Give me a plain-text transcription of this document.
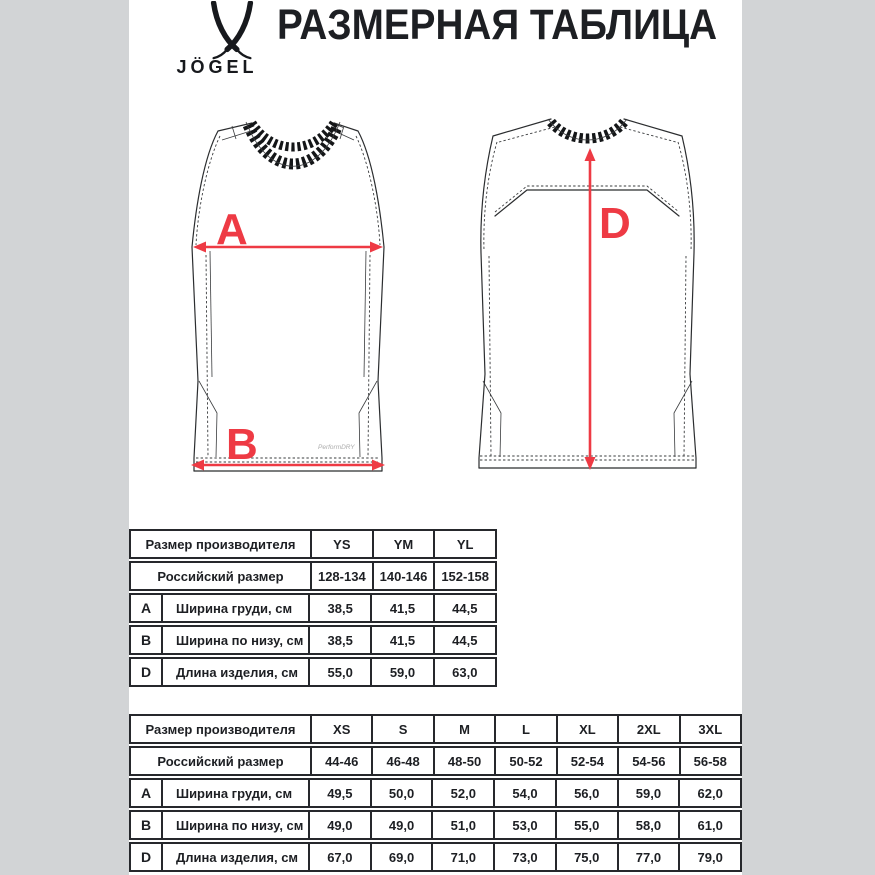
JÖGEL
РАЗМЕРНАЯ ТАБЛИЦА
A
B	PerformDRY
D
Размер производителя	YS	YM	YL
Российский размер	128-134	140-146	152-158
A	Ширина груди, см	38,5	41,5	44,5
B	Ширина по низу, см	38,5	41,5	44,5
D	Длина изделия, см	55,0	59,0	63,0
Размер производителя	XS	S	M	L	XL	2XL	3XL
Российский размер	44-46	46-48	48-50	50-52	52-54	54-56	56-58
A	Ширина груди, см	49,5	50,0	52,0	54,0	56,0	59,0	62,0
B	Ширина по низу, см	49,0	49,0	51,0	53,0	55,0	58,0	61,0
D	Длина изделия, см	67,0	69,0	71,0	73,0	75,0	77,0	79,0
